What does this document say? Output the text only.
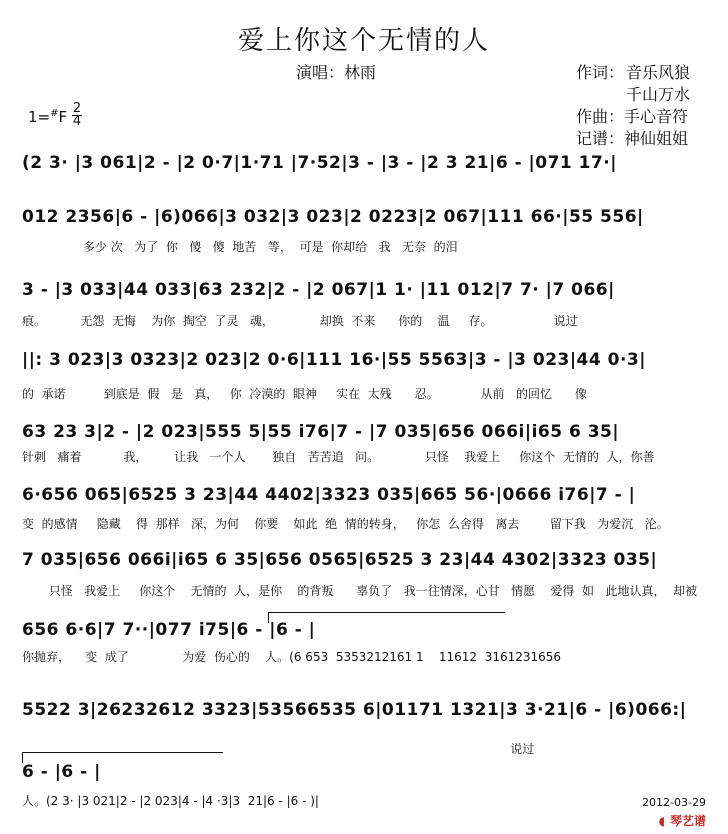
爱上你这个无情的人
演唱：林雨	作词： 音乐风狼
千山万水
作曲：手心音符
记谱：神仙姐姐
1=#F 2
4
(2 3· |3 061|2 - |2 0·7|1·71 |7·52|3 - |3 - |2 3 21|6 - |071 17·|
012 2356|6 - |6)066|3 032|3 023|2 0223|2 067|111 66·|55 556|
多少 次   为了  你   傻   傻  地苦   等，  可是  你却给   我   无奈  的泪
3 - |3 033|44 033|63 232|2 - |2 067|1 1· |11 012|7 7· |7 066|
痕。         无怨  无悔    为你  掏空  了灵   魂，            却换  不来      你的    温     存。                说过
||: 3 023|3 0323|2 023|2 0·6|111 16·|55 5563|3 - |3 023|44 0·3|
的  承诺          到底是  假   是   真，   你  冷漠的  眼神     实在  太残      忍。           从前   的回忆      像
63 23 3|2 - |2 023|555 5|55 i76|7 - |7 035|656 066i|i65 6 35|
针刺   痛着           我，       让我   一个人       独自   苦苦追   问。            只怪    我爱上     你这个  无情的  人，你善
6·656 065|6525 3 23|44 4402|3323 035|665 56·|0666 i76|7 - |
变  的感情     隐藏    得  那样   深，为何    你要    如此  绝  情的转身，   你怎  么舍得   离去        留下我   为爱沉   沦。
7 035|656 066i|i65 6 35|656 0565|6525 3 23|44 4302|3323 035|
只怪   我爱上     你这个    无情的  人，是你    的背叛      辜负了   我一往情深，心甘   情愿    爱得  如   此地认真，  却被
656 6·6|7 7··|077 i75|6 - |6 - |
你抛弃，    变  成了              为爱  伤心的    人。(6 653  5353212161 1    11612  3161231656
5522 3|26232612 3323|53566535 6|01171 1321|3 3·21|6 - |6)066:|
说过
6 - |6 - |
人。(2 3· |3 021|2 - |2 023|4 - |4 ·3|3  21|6 - |6 - )|	2012-03-29
◖ 琴艺谱
